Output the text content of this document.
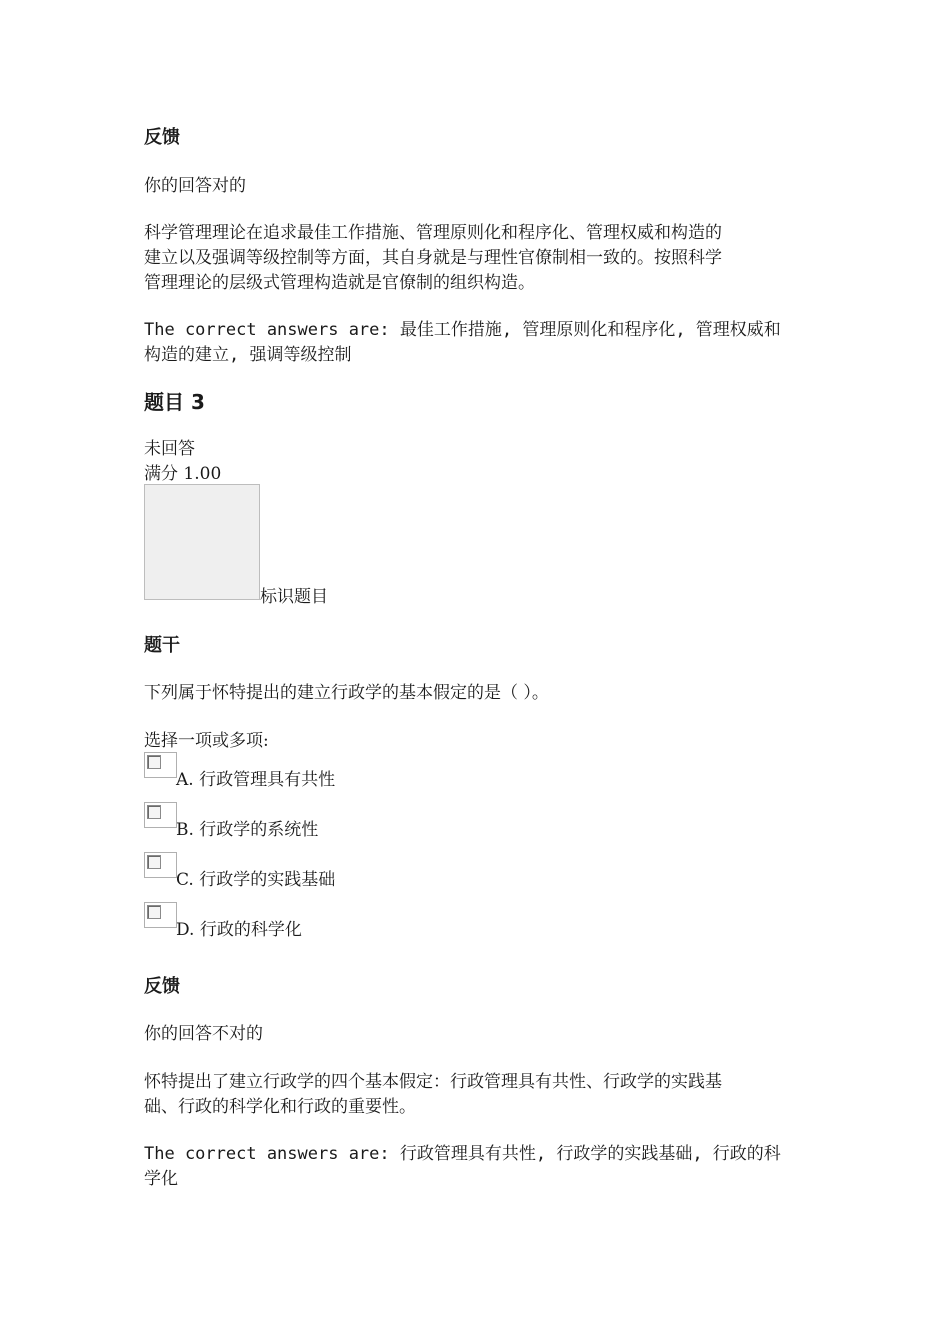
反馈
你的回答对的
科学管理理论在追求最佳工作措施、管理原则化和程序化、管理权威和构造的
建立以及强调等级控制等方面，其自身就是与理性官僚制相一致的。按照科学
管理理论的层级式管理构造就是官僚制的组织构造。
The correct answers are: 最佳工作措施, 管理原则化和程序化, 管理权威和
构造的建立, 强调等级控制
题目 3
未回答
满分 1.00
标识题目
题干
下列属于怀特提出的建立行政学的基本假定的是（ ）。
选择一项或多项:
A. 行政管理具有共性
B. 行政学的系统性
C. 行政学的实践基础
D. 行政的科学化
反馈
你的回答不对的
怀特提出了建立行政学的四个基本假定：行政管理具有共性、行政学的实践基
础、行政的科学化和行政的重要性。
The correct answers are: 行政管理具有共性, 行政学的实践基础, 行政的科
学化
